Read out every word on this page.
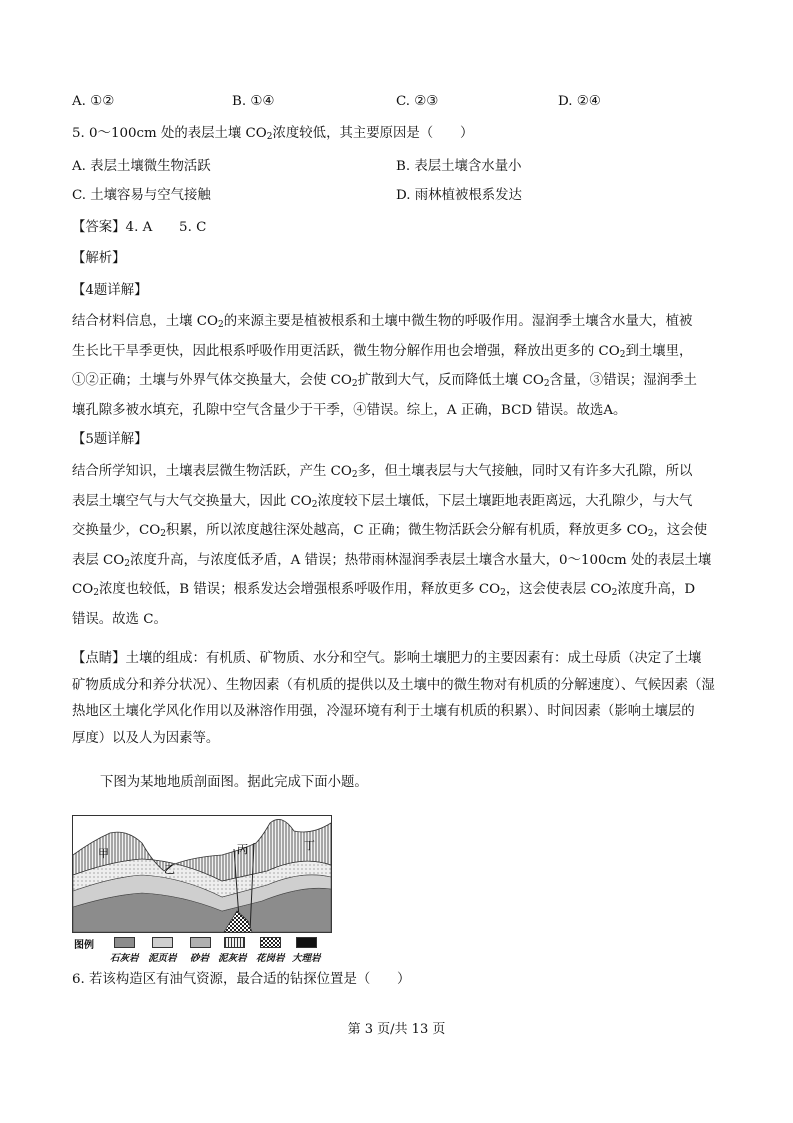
A. ①②	B. ①④	C. ②③	D. ②④
5. 0～100cm 处的表层土壤 $CO_2$浓度较低，其主要原因是（　　）
A. 表层土壤微生物活跃	B. 表层土壤含水量小
C. 土壤容易与空气接触	D. 雨林植被根系发达
【答案】4. A　　5. C
【解析】
【4题详解】
结合材料信息，土壤 $CO_2$的来源主要是植被根系和土壤中微生物的呼吸作用。湿润季土壤含水量大，植被
生长比干旱季更快，因此根系呼吸作用更活跃，微生物分解作用也会增强，释放出更多的 $CO_2$到土壤里，
①②正确；土壤与外界气体交换量大，会使 $CO_2$扩散到大气，反而降低土壤 $CO_2$含量，③错误；湿润季土
壤孔隙多被水填充，孔隙中空气含量少于干季，④错误。综上，A 正确，BCD 错误。故选A。
【5题详解】
结合所学知识，土壤表层微生物活跃，产生 $CO_2$多，但土壤表层与大气接触，同时又有许多大孔隙，所以
表层土壤空气与大气交换量大，因此 $CO_2$浓度较下层土壤低，下层土壤距地表距离远，大孔隙少，与大气
交换量少，$CO_2$积累，所以浓度越往深处越高，C 正确；微生物活跃会分解有机质，释放更多 $CO_2$，这会使
表层 $CO_2$浓度升高，与浓度低矛盾，A 错误；热带雨林湿润季表层土壤含水量大，0～100cm 处的表层土壤
$CO_2$浓度也较低，B 错误；根系发达会增强根系呼吸作用，释放更多 $CO_2$，这会使表层 $CO_2$浓度升高，D
错误。故选 C。
【点睛】土壤的组成：有机质、矿物质、水分和空气。影响土壤肥力的主要因素有：成土母质（决定了土壤
矿物质成分和养分状况）、生物因素（有机质的提供以及土壤中的微生物对有机质的分解速度）、气候因素（湿
热地区土壤化学风化作用以及淋溶作用强，冷湿环境有利于土壤有机质的积累）、时间因素（影响土壤层的
厚度）以及人为因素等。
下图为某地地质剖面图。据此完成下面小题。
甲
乙
丙	丁
图例
石灰岩 泥页岩 砂岩 泥灰岩 花岗岩 大理岩
6. 若该构造区有油气资源，最合适的钻探位置是（　　）
第 3 页/共 13 页
